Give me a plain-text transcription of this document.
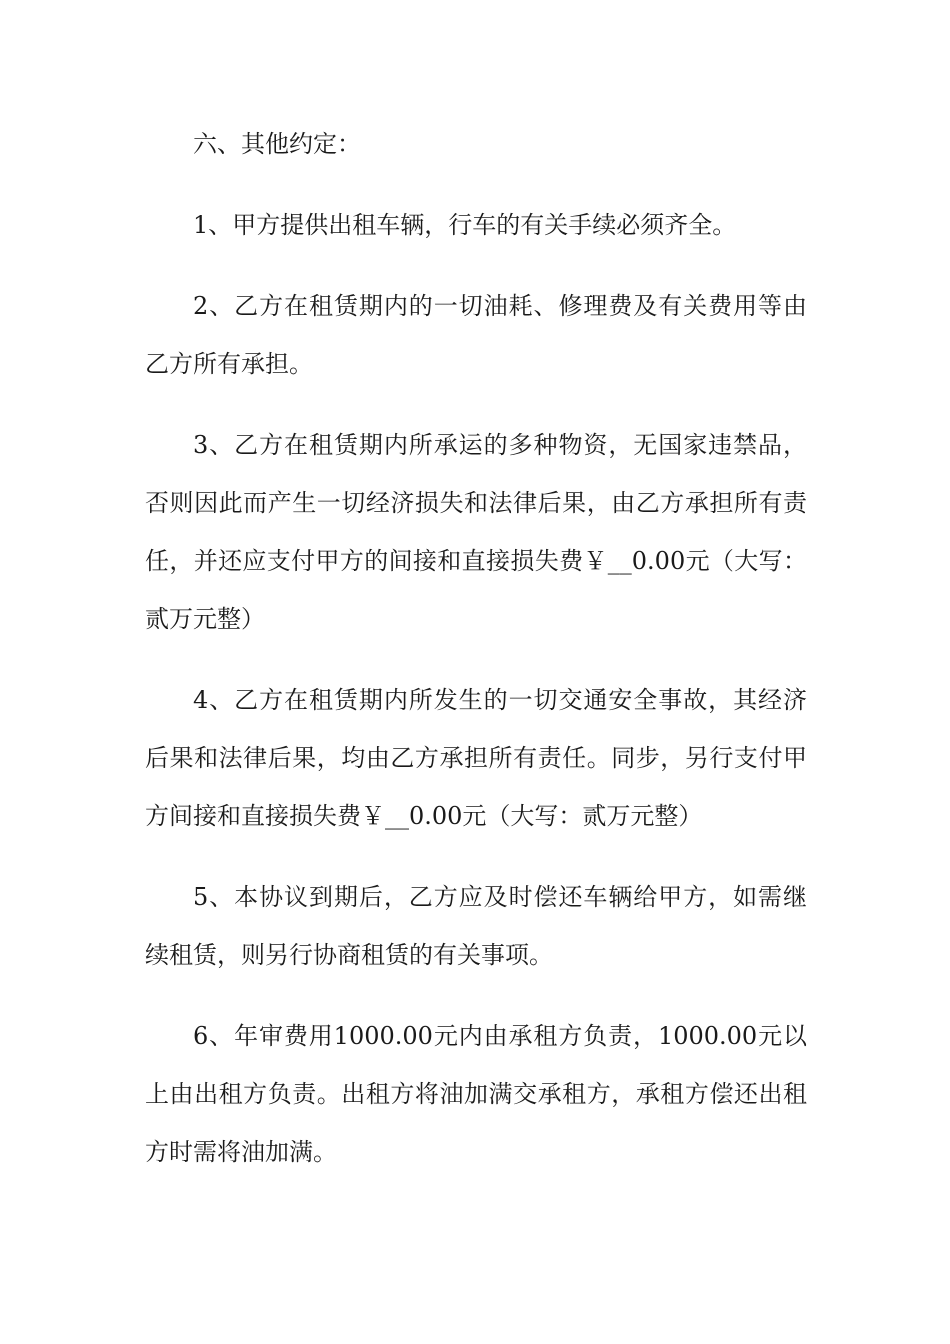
六、其他约定：

1、甲方提供出租车辆，行车的有关手续必须齐全。

2、乙方在租赁期内的一切油耗、修理费及有关费用等由乙方所有承担。

3、乙方在租赁期内所承运的多种物资，无国家违禁品，否则因此而产生一切经济损失和法律后果，由乙方承担所有责任，并还应支付甲方的间接和直接损失费￥__0.00元（大写：贰万元整）

4、乙方在租赁期内所发生的一切交通安全事故，其经济后果和法律后果，均由乙方承担所有责任。同步，另行支付甲方间接和直接损失费￥__0.00元（大写：贰万元整）

5、本协议到期后，乙方应及时偿还车辆给甲方，如需继续租赁，则另行协商租赁的有关事项。

6、年审费用1000.00元内由承租方负责，1000.00元以上由出租方负责。出租方将油加满交承租方，承租方偿还出租方时需将油加满。
